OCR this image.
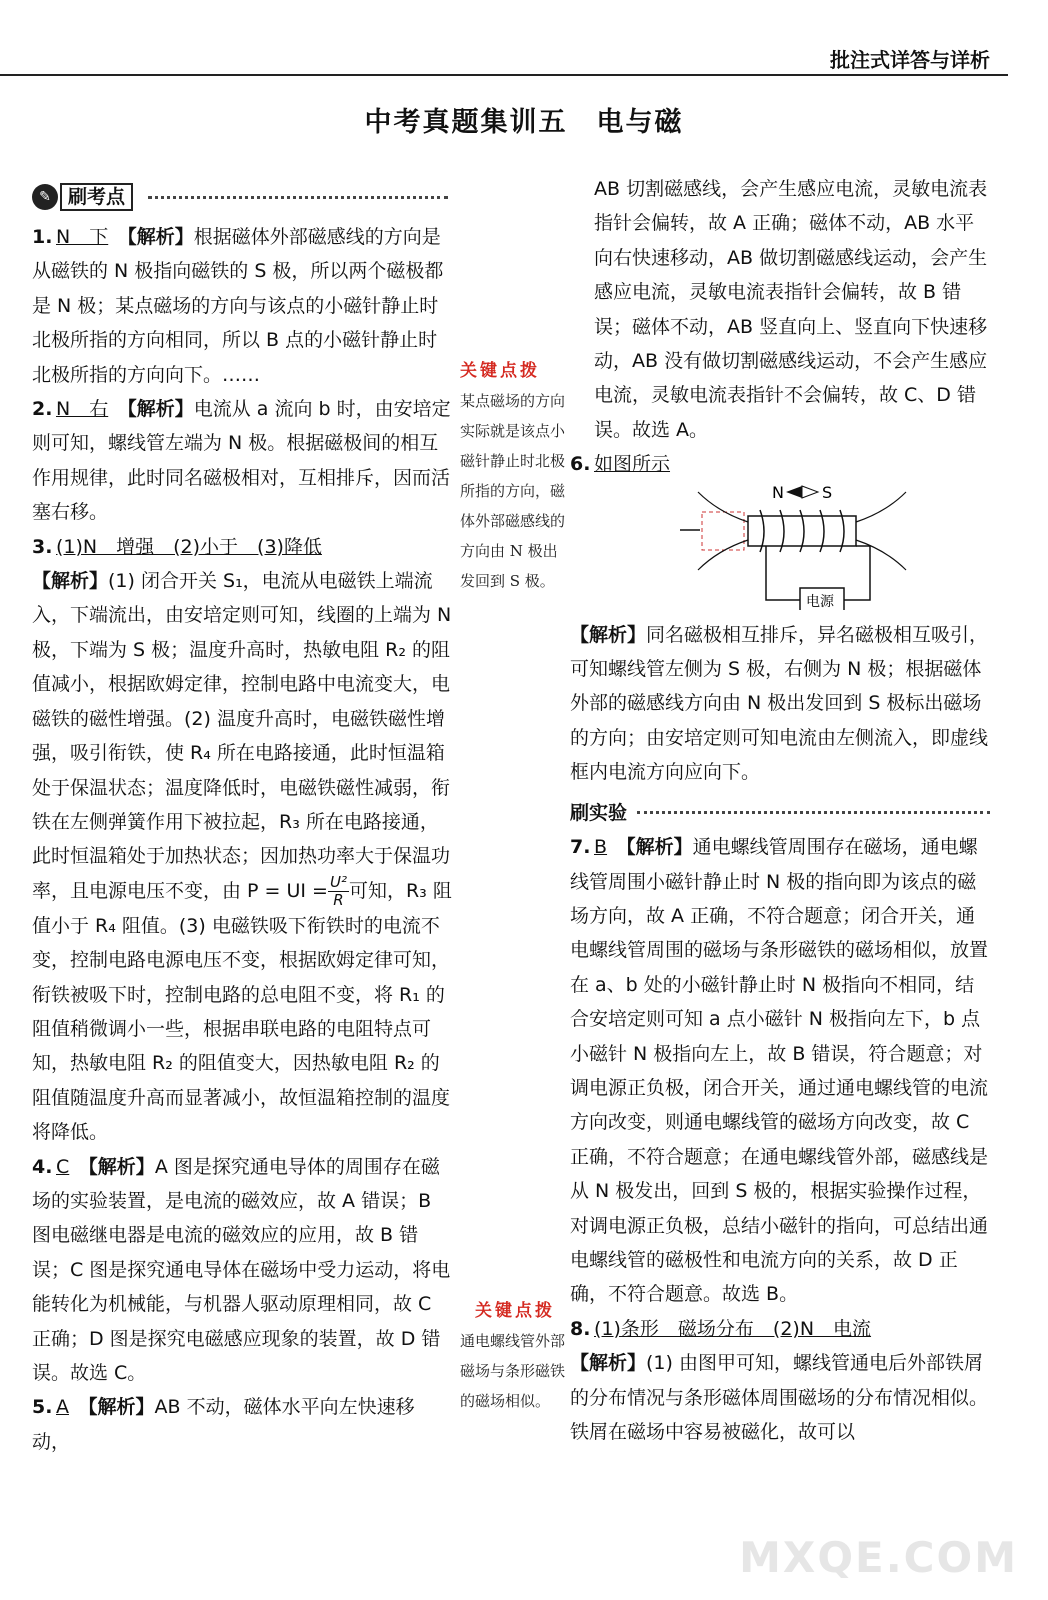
批注式详答与详析
中考真题集训五　电与磁
✎ 刷考点

1. N　下　 【解析】根据磁体外部磁感线的方向是从磁铁的 N 极指向磁铁的 S 极，所以两个磁极都是 N 极；某点磁场的方向与该点的小磁针静止时北极所指的方向相同，所以 B 点的小磁针静止时北极所指的方向向下。……

2. N　右　 【解析】电流从 a 流向 b 时，由安培定则可知，螺线管左端为 N 极。根据磁极间的相互作用规律，此时同名磁极相对，互相排斥，因而活塞右移。

3. (1)N　增强　(2)小于　(3)降低
【解析】(1) 闭合开关 S₁，电流从电磁铁上端流入，下端流出，由安培定则可知，线圈的上端为 N 极，下端为 S 极；温度升高时，热敏电阻 R₂ 的阻值减小，根据欧姆定律，控制电路中电流变大，电磁铁的磁性增强。(2) 温度升高时，电磁铁磁性增强，吸引衔铁，使 R₄ 所在电路接通，此时恒温箱处于保温状态；温度降低时，电磁铁磁性减弱，衔铁在左侧弹簧作用下被拉起，R₃ 所在电路接通，此时恒温箱处于加热状态；因加热功率大于保温功率，且电源电压不变，由 P = UI = $\frac{\text{U²}}{R}$可知，R₃ 阻值小于 R₄ 阻值。(3) 电磁铁吸下衔铁时的电流不变，控制电路电源电压不变，根据欧姆定律可知，衔铁被吸下时，控制电路的总电阻不变，将 R₁ 的阻值稍微调小一些，根据串联电路的电阻特点可知，热敏电阻 R₂ 的阻值变大，因热敏电阻 R₂ 的阻值随温度升高而显著减小，故恒温箱控制的温度将降低。

4. C　 【解析】A 图是探究通电导体的周围存在磁场的实验装置，是电流的磁效应，故 A 错误；B 图电磁继电器是电流的磁效应的应用，故 B 错误；C 图是探究通电导体在磁场中受力运动，将电能转化为机械能，与机器人驱动原理相同，故 C 正确；D 图是探究电磁感应现象的装置，故 D 错误。故选 C。

5. A　 【解析】AB 不动，磁体水平向左快速移动，

关键点拨
某点磁场的方向实际就是该点小磁针静止时北极所指的方向，磁体外部磁感线的方向由 N 极出发回到 S 极。
关键点拨
通电螺线管外部磁场与条形磁铁的磁场相似。

AB 切割磁感线，会产生感应电流，灵敏电流表指针会偏转，故 A 正确；磁体不动，AB 水平向右快速移动，AB 做切割磁感线运动，会产生感应电流，灵敏电流表指针会偏转，故 B 错误；磁体不动，AB 竖直向上、竖直向下快速移动，AB 没有做切割磁感线运动，不会产生感应电流，灵敏电流表指针不会偏转，故 C、D 错误。故选 A。

6. 如图所示

N S
电源

【解析】同名磁极相互排斥，异名磁极相互吸引，可知螺线管左侧为 S 极，右侧为 N 极；根据磁体外部的磁感线方向由 N 极出发回到 S 极标出磁场的方向；由安培定则可知电流由左侧流入，即虚线框内电流方向应向下。

刷实验

7. B　 【解析】通电螺线管周围存在磁场，通电螺线管周围小磁针静止时 N 极的指向即为该点的磁场方向，故 A 正确，不符合题意；闭合开关，通电螺线管周围的磁场与条形磁铁的磁场相似，放置在 a、b 处的小磁针静止时 N 极指向不相同，结合安培定则可知 a 点小磁针 N 极指向左下，b 点小磁针 N 极指向左上，故 B 错误，符合题意；对调电源正负极，闭合开关，通过通电螺线管的电流方向改变，则通电螺线管的磁场方向改变，故 C 正确，不符合题意；在通电螺线管外部，磁感线是从 N 极发出，回到 S 极的，根据实验操作过程，对调电源正负极，总结小磁针的指向，可总结出通电螺线管的磁极性和电流方向的关系，故 D 正确，不符合题意。故选 B。

8. (1)条形　磁场分布　(2)N　电流
【解析】(1) 由图甲可知，螺线管通电后外部铁屑的分布情况与条形磁体周围磁场的分布情况相似。铁屑在磁场中容易被磁化，故可以

MXQE.COM
